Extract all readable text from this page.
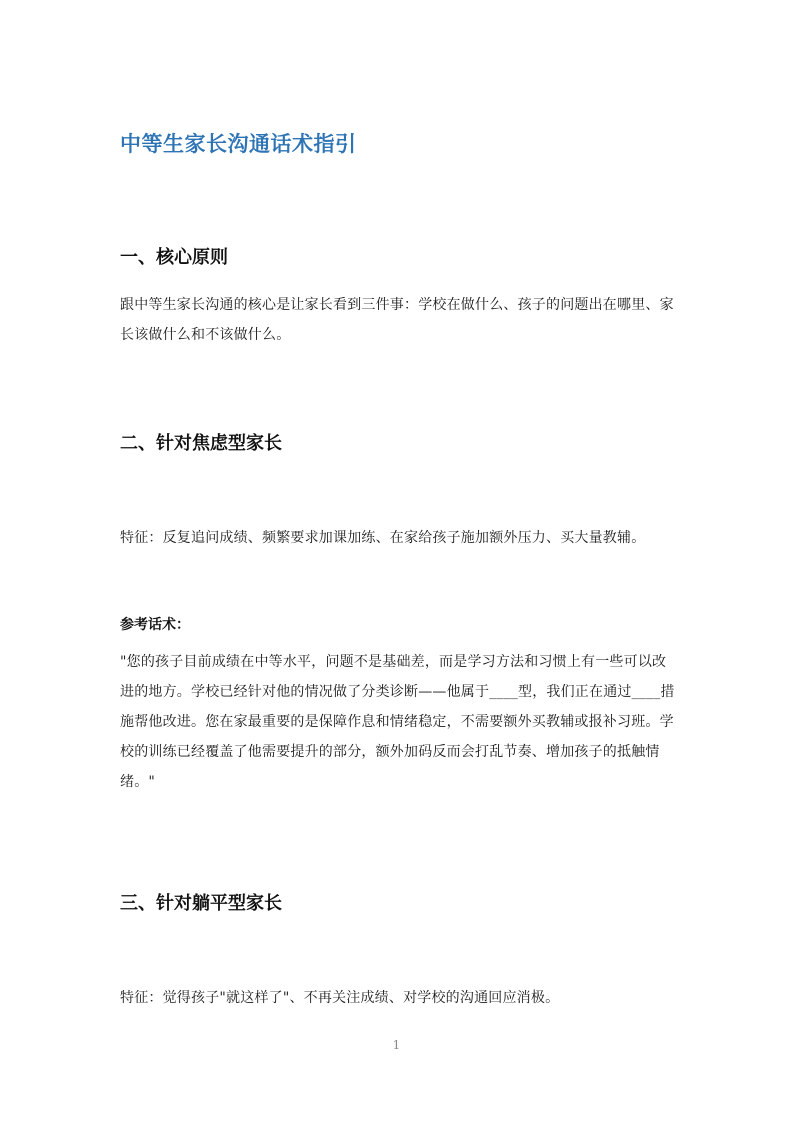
中等生家长沟通话术指引
一、核心原则

跟中等生家长沟通的核心是让家长看到三件事：学校在做什么、孩子的问题出在哪里、家长该做什么和不该做什么。

二、针对焦虑型家长

特征：反复追问成绩、频繁要求加课加练、在家给孩子施加额外压力、买大量教辅。

参考话术：

"您的孩子目前成绩在中等水平，问题不是基础差，而是学习方法和习惯上有一些可以改进的地方。学校已经针对他的情况做了分类诊断——他属于____型，我们正在通过____措施帮他改进。您在家最重要的是保障作息和情绪稳定，不需要额外买教辅或报补习班。学校的训练已经覆盖了他需要提升的部分，额外加码反而会打乱节奏、增加孩子的抵触情绪。"

三、针对躺平型家长

特征：觉得孩子"就这样了"、不再关注成绩、对学校的沟通回应消极。

1
